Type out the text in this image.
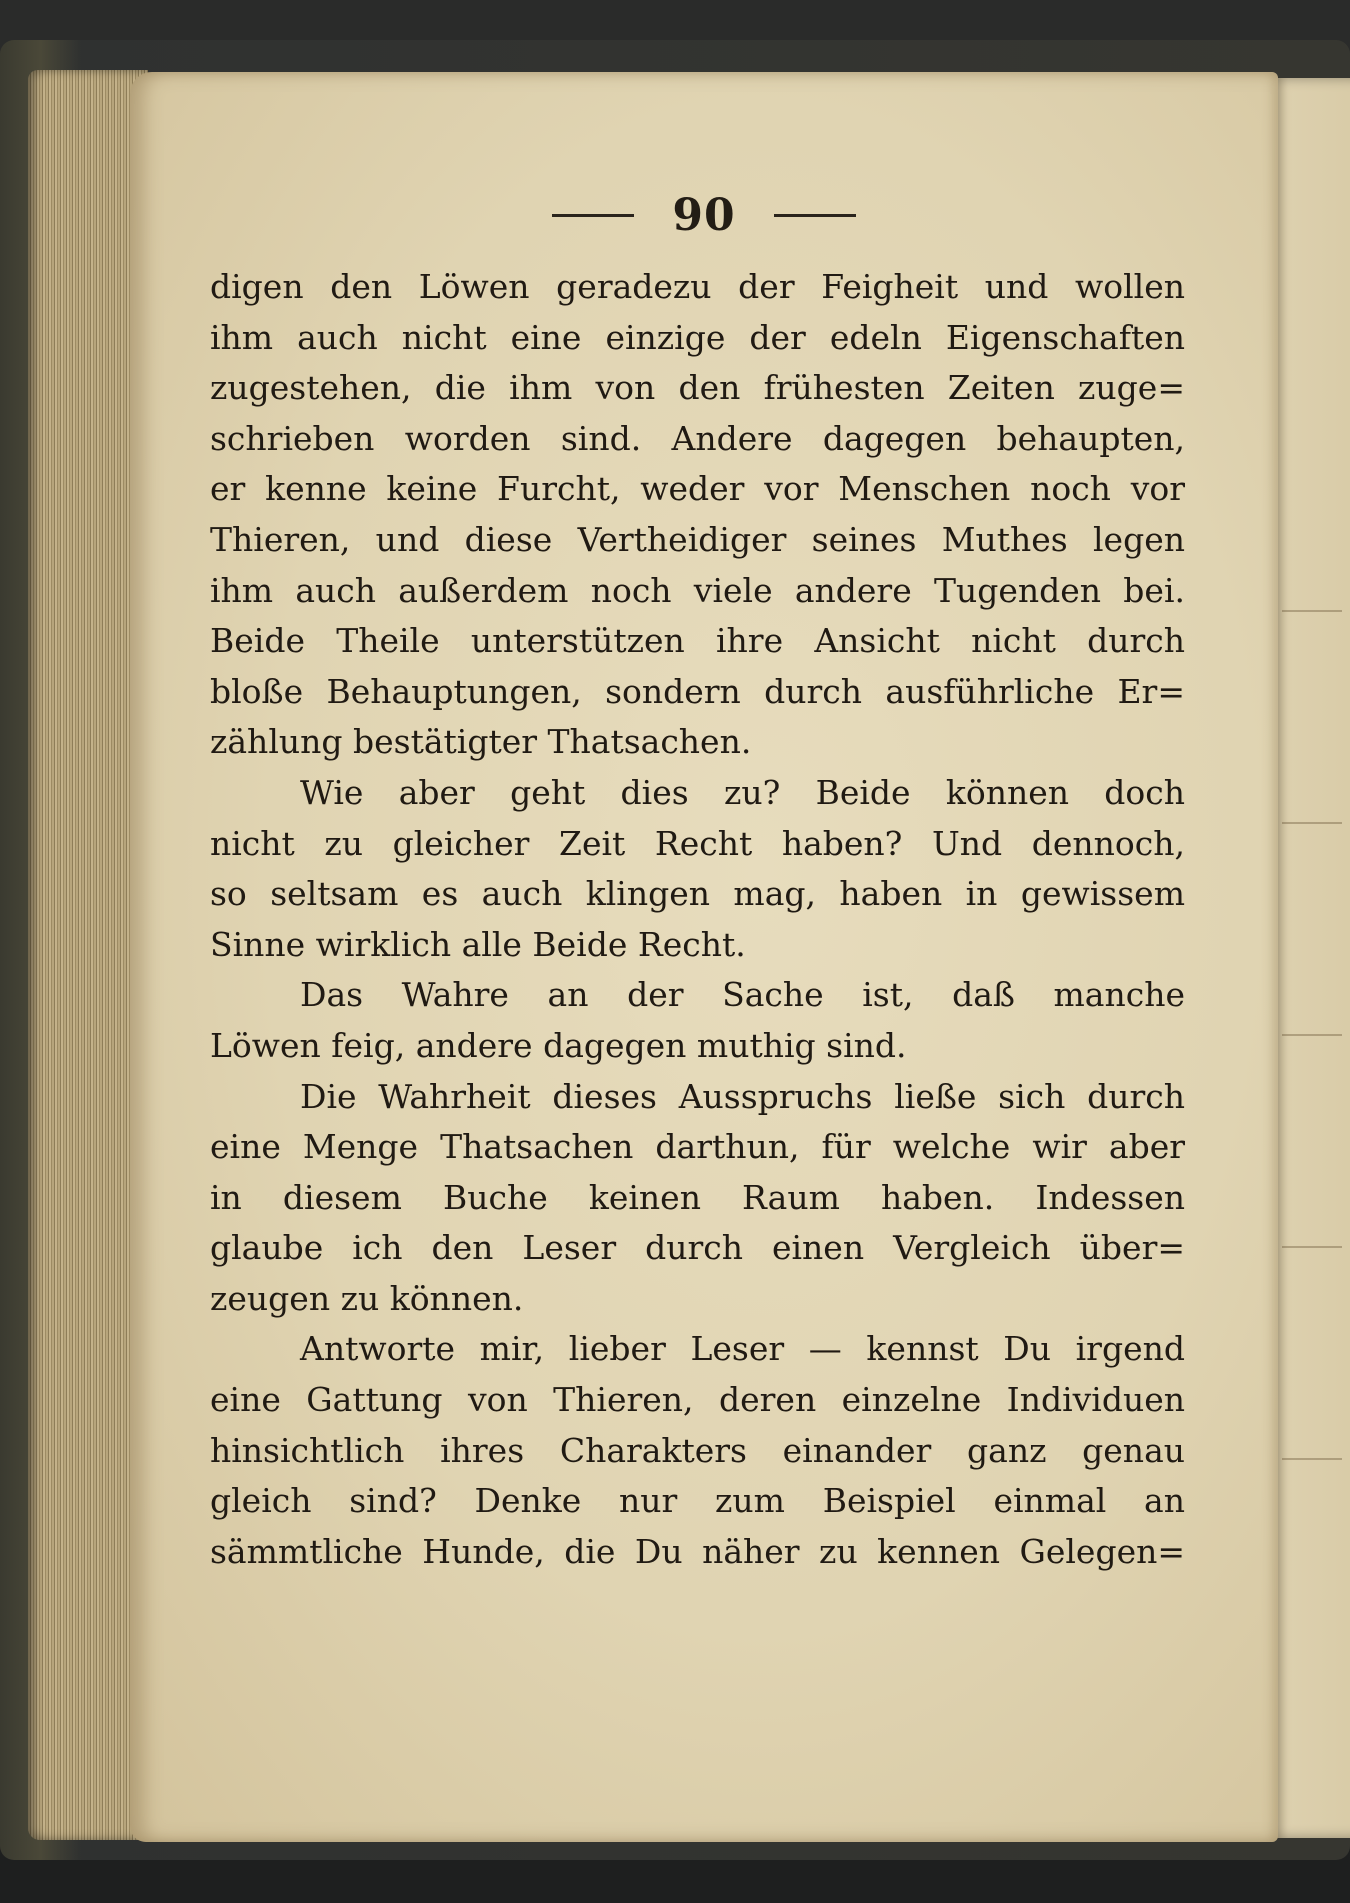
90
digen den Löwen geradezu der Feigheit und wollen
ihm auch nicht eine einzige der edeln Eigenschaften
zugestehen, die ihm von den frühesten Zeiten zuge=
schrieben worden sind. Andere dagegen behaupten,
er kenne keine Furcht, weder vor Menschen noch vor
Thieren, und diese Vertheidiger seines Muthes legen
ihm auch außerdem noch viele andere Tugenden bei.
Beide Theile unterstützen ihre Ansicht nicht durch
bloße Behauptungen, sondern durch ausführliche Er=
zählung bestätigter Thatsachen.
Wie aber geht dies zu? Beide können doch
nicht zu gleicher Zeit Recht haben? Und dennoch,
so seltsam es auch klingen mag, haben in gewissem
Sinne wirklich alle Beide Recht.
Das Wahre an der Sache ist, daß manche
Löwen feig, andere dagegen muthig sind.
Die Wahrheit dieses Ausspruchs ließe sich durch
eine Menge Thatsachen darthun, für welche wir aber
in diesem Buche keinen Raum haben. Indessen
glaube ich den Leser durch einen Vergleich über=
zeugen zu können.
Antworte mir, lieber Leser — kennst Du irgend
eine Gattung von Thieren, deren einzelne Individuen
hinsichtlich ihres Charakters einander ganz genau
gleich sind? Denke nur zum Beispiel einmal an
sämmtliche Hunde, die Du näher zu kennen Gelegen=
